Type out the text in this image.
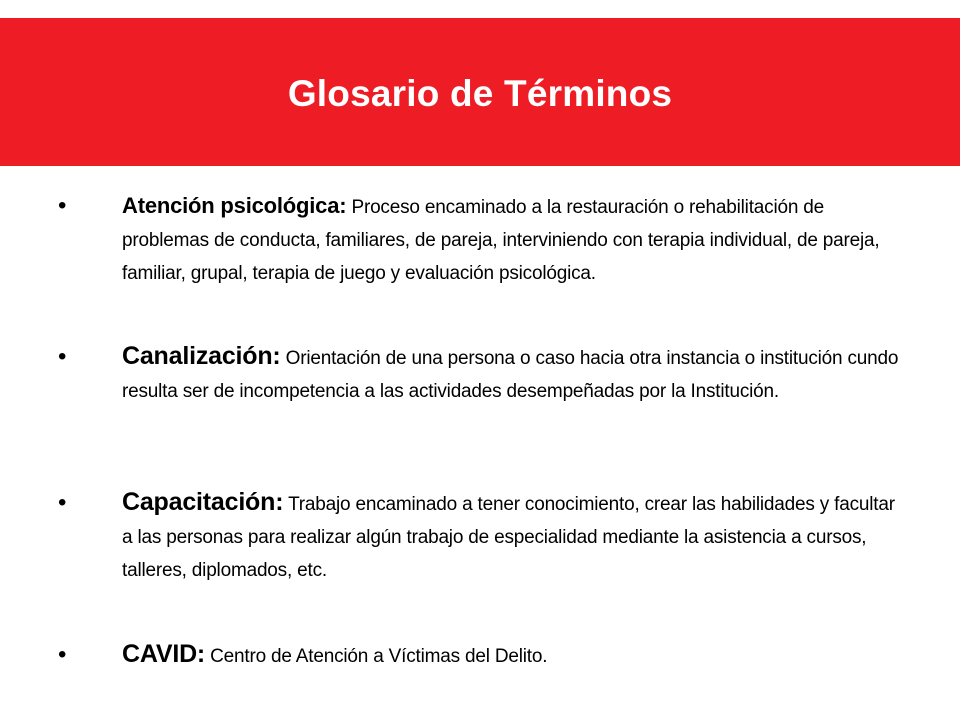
Glosario de Términos
•	Atención psicológica: Proceso encaminado a la restauración o rehabilitación de problemas de conducta, familiares, de pareja, interviniendo con terapia individual, de pareja, familiar, grupal, terapia de juego y evaluación psicológica.
• Canalización: Orientación de una persona o caso hacia otra instancia o institución cundo resulta ser de incompetencia a las actividades desempeñadas por la Institución.
• Capacitación: Trabajo encaminado a tener conocimiento, crear las habilidades y facultar a las personas para realizar algún trabajo de especialidad mediante la asistencia a cursos, talleres, diplomados, etc.
• CAVID: Centro de Atención a Víctimas del Delito.
